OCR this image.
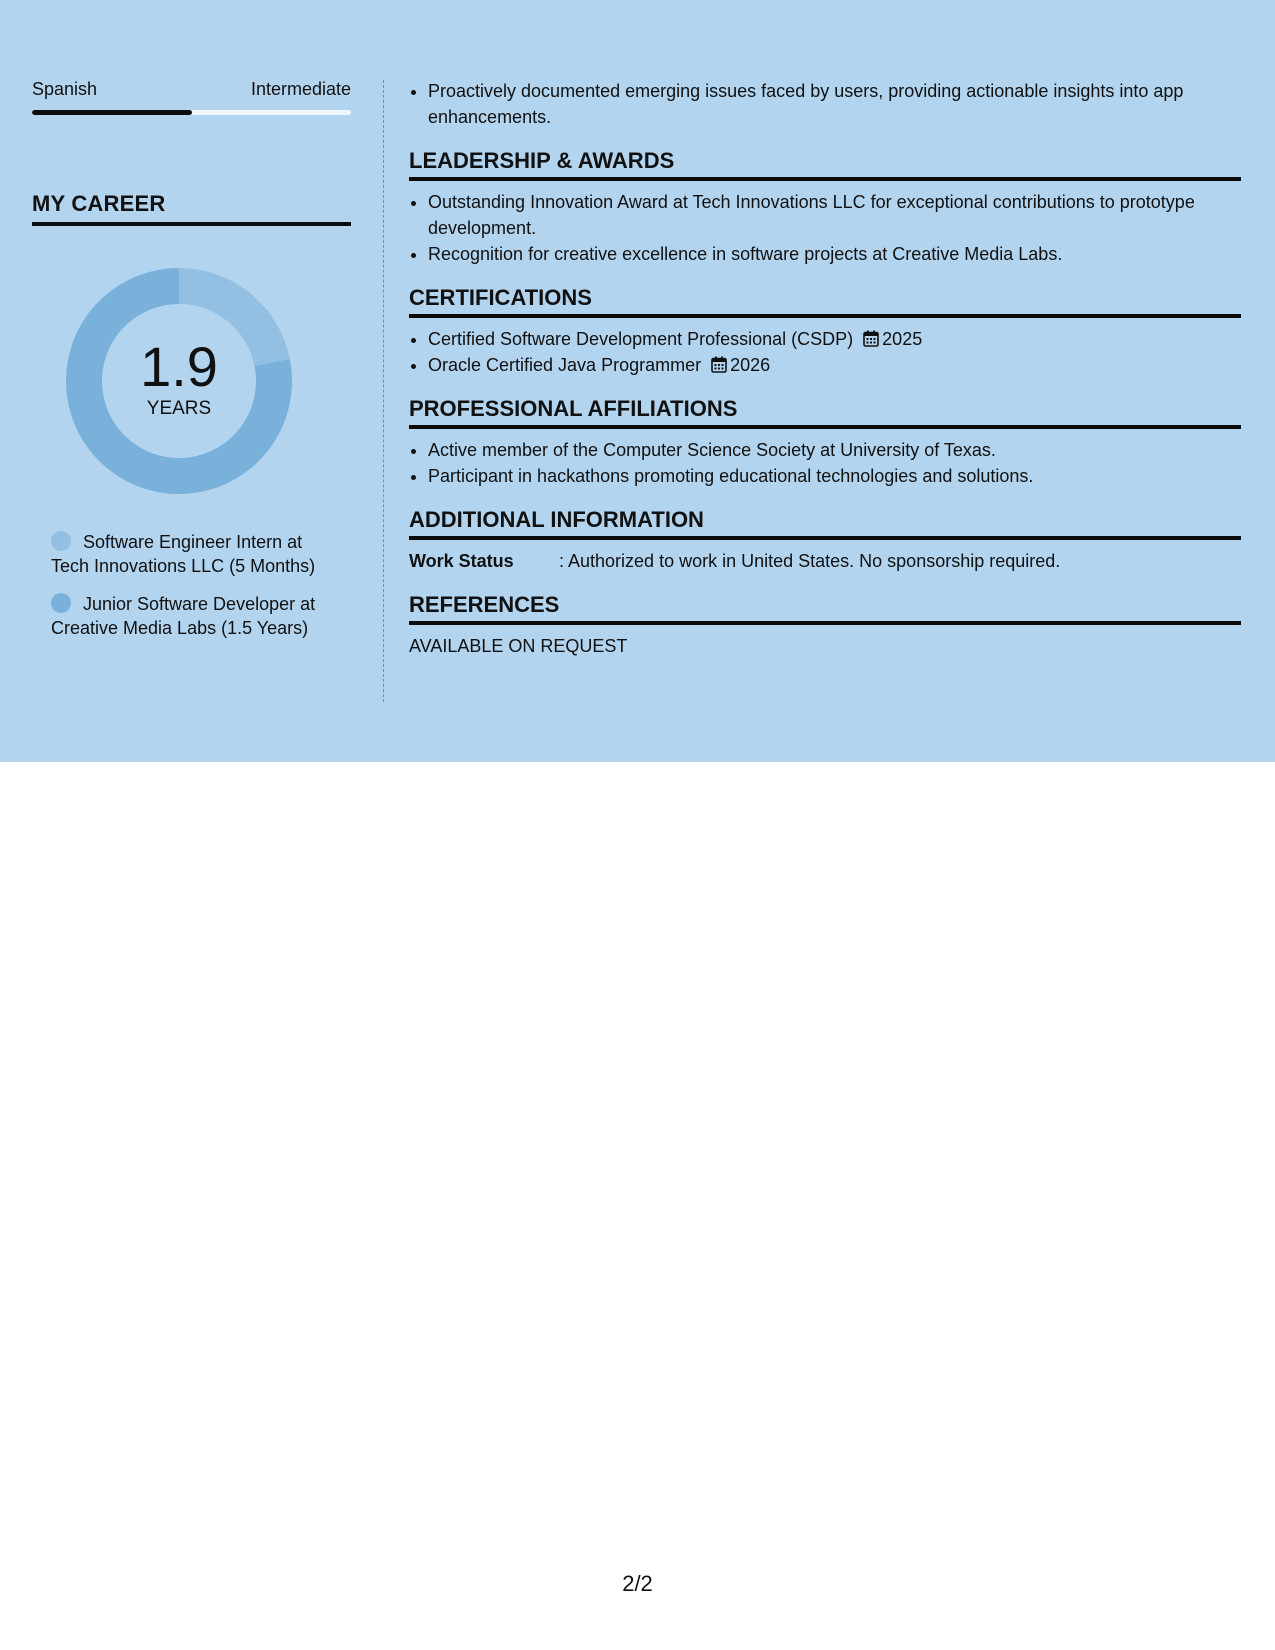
Spanish	Intermediate
MY CAREER
1.9
YEARS
Software Engineer Intern at Tech Innovations LLC (5 Months)
Junior Software Developer at Creative Media Labs (1.5 Years)
• Proactively documented emerging issues faced by users, providing actionable insights into app enhancements.
LEADERSHIP & AWARDS
• Outstanding Innovation Award at Tech Innovations LLC for exceptional contributions to prototype development.
• Recognition for creative excellence in software projects at Creative Media Labs.
CERTIFICATIONS
• Certified Software Development Professional (CSDP) 2025
• Oracle Certified Java Programmer 2026
PROFESSIONAL AFFILIATIONS
• Active member of the Computer Science Society at University of Texas.
• Participant in hackathons promoting educational technologies and solutions.
ADDITIONAL INFORMATION
Work Status	: Authorized to work in United States. No sponsorship required.
REFERENCES
AVAILABLE ON REQUEST
2/2
